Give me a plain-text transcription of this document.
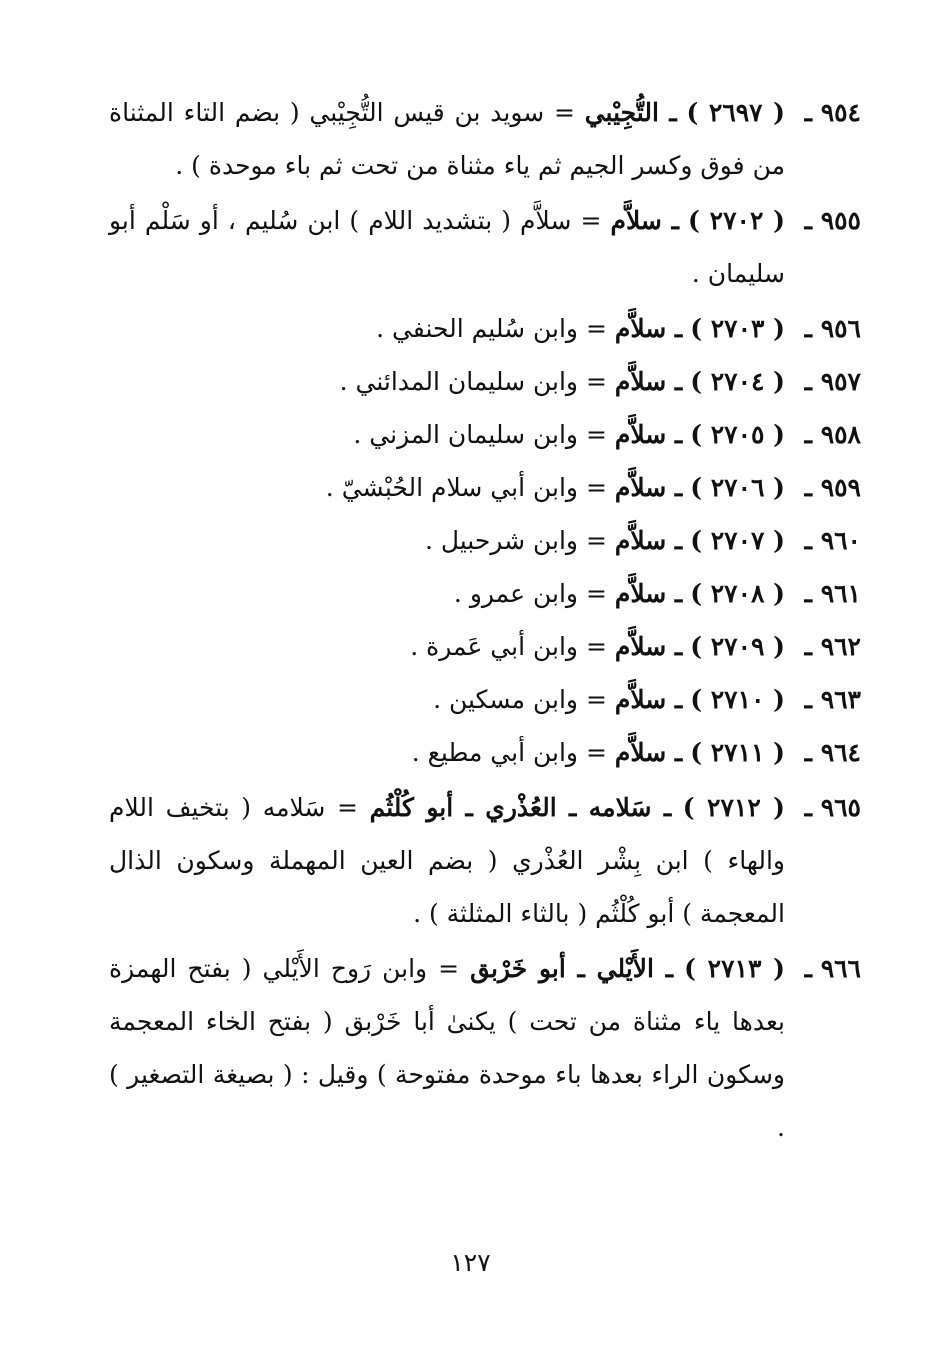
٩٥٤ ـ
( ٢٦٩٧ ) ـ التُّجِيْبي = سويد بن قيس التُّجِيْبي ( بضم التاء المثناة من فوق وكسر الجيم ثم ياء مثناة من تحت ثم باء موحدة ) .
٩٥٥ ـ
( ٢٧٠٢ ) ـ سلاَّم = سلاَّم ( بتشديد اللام ) ابن سُليم ، أو سَلْم أبو سليمان .
٩٥٦ ـ
( ٢٧٠٣ ) ـ سلاَّم = وابن سُليم الحنفي .
٩٥٧ ـ
( ٢٧٠٤ ) ـ سلاَّم = وابن سليمان المدائني .
٩٥٨ ـ
( ٢٧٠٥ ) ـ سلاَّم = وابن سليمان المزني .
٩٥٩ ـ
( ٢٧٠٦ ) ـ سلاَّم = وابن أبي سلام الحُبْشيّ .
٩٦٠ ـ
( ٢٧٠٧ ) ـ سلاَّم = وابن شرحبيل .
٩٦١ ـ
( ٢٧٠٨ ) ـ سلاَّم = وابن عمرو .
٩٦٢ ـ
( ٢٧٠٩ ) ـ سلاَّم = وابن أبي عَمرة .
٩٦٣ ـ
( ٢٧١٠ ) ـ سلاَّم = وابن مسكين .
٩٦٤ ـ
( ٢٧١١ ) ـ سلاَّم = وابن أبي مطيع .
٩٦٥ ـ
( ٢٧١٢ ) ـ سَلامه ـ العُذْري ـ أبو كُلْثُم = سَلامه ( بتخيف اللام والهاء ) ابن بِشْر العُذْري ( بضم العين المهملة وسكون الذال المعجمة ) أبو كُلْثُم ( بالثاء المثلثة ) .
٩٦٦ ـ
( ٢٧١٣ ) ـ الأَيْلي ـ أبو خَرْبق = وابن رَوح الأَيْلي ( بفتح الهمزة بعدها ياء مثناة من تحت ) يكنىٰ أبا خَرْبق ( بفتح الخاء المعجمة وسكون الراء بعدها باء موحدة مفتوحة ) وقيل : ( بصيغة التصغير ) .
١٢٧
